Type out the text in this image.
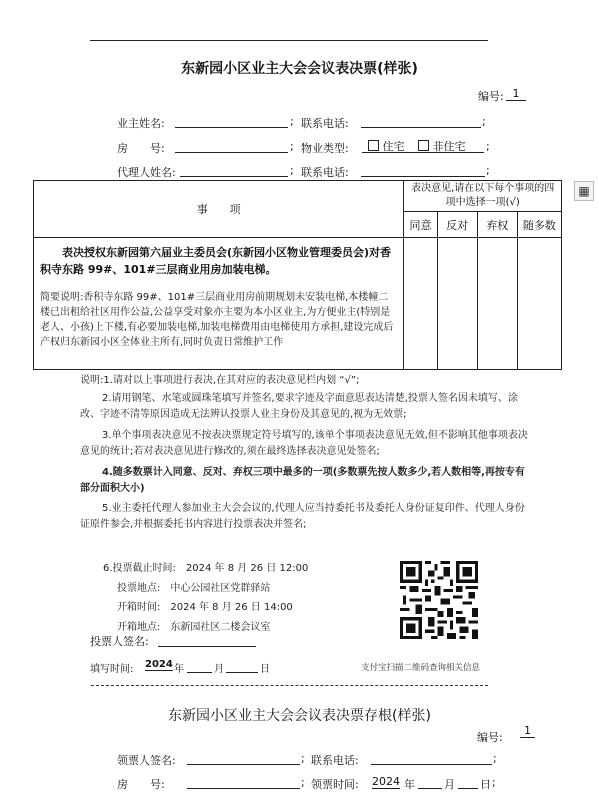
东新园小区业主大会会议表决票(样张)
编号: 1
业主姓名:	; 联系电话:	;
房　　号:	; 物业类型:	住宅	非住宅	;
代理人姓名:	; 联系电话:	;
▦
事　　项	表决意见,请在以下每个事项的四项中选择一项(√)			
	同意	反对	弃权	随多数

表决授权东新园第六届业主委员会(东新园小区物业管理委员会)对香积寺东路 99#、101#三层商业用房加装电梯。
简要说明:香积寺东路 99#、101#三层商业用房前期规划未安装电梯,本楼幢二楼已出租给社区用作公益,公益享受对象亦主要为本小区业主,为方便业主(特别是老人、小孩)上下楼,有必要加装电梯,加装电梯费用由电梯使用方承担,建设完成后产权归东新园小区全体业主所有,同时负责日常维护工作				

说明:1.请对以上事项进行表决,在其对应的表决意见栏内划 “√”;

2.请用钢笔、水笔或圆珠笔填写并签名,要求字迹及字面意思表达清楚,投票人签名因未填写、涂改、字迹不清等原因造成无法辨认投票人业主身份及其意见的,视为无效票;

3.单个事项表决意见不按表决票规定符号填写的,该单个事项表决意见无效,但不影响其他事项表决意见的统计;若对表决意见进行修改的,须在最终选择表决意见处签名;

4.随多数票计入同意、反对、弃权三项中最多的一项(多数票先按人数多少,若人数相等,再按专有部分面积大小)

5.业主委托代理人参加业主大会会议的,代理人应当持委托书及委托人身份证复印件、代理人身份证原件参会,并根据委托书内容进行投票表决并签名;

6.投票截止时间:　2024 年 8 月 26 日 12:00
投票地点:　中心公园社区党群驿站
开箱时间:　2024 年 8 月 26 日 14:00
开箱地点:　东新园社区二楼会议室
投票人签名:
填写时间: 2024 年	月	日	支付宝扫描二维码查询相关信息
东新园小区业主大会会议表决票存根(样张)
编号:
1
领票人签名:	; 联系电话:	;
房　　号:	; 领票时间: 2024 年	月 日 ;
